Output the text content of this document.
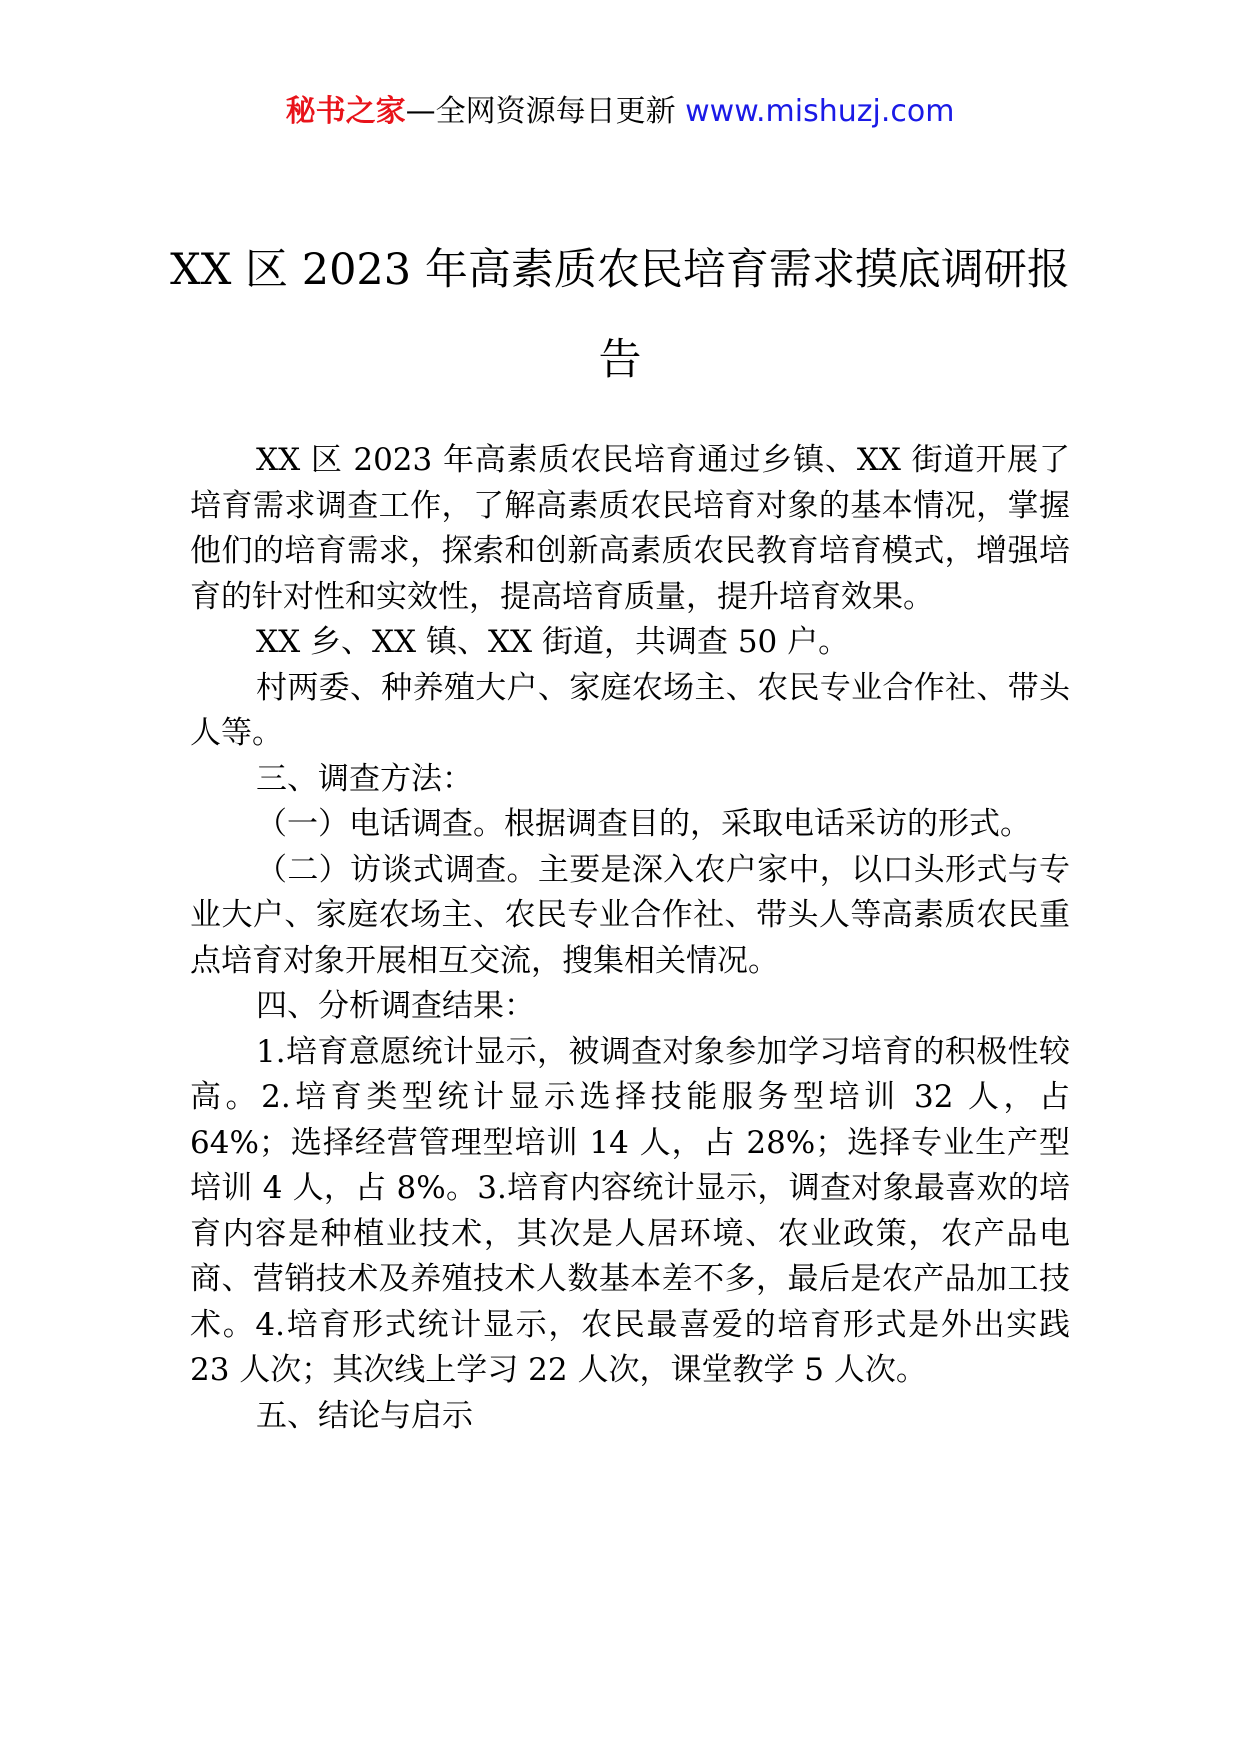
秘书之家—全网资源每日更新 www.mishuzj.com
XX 区 2023 年高素质农民培育需求摸底调研报告

XX 区 2023 年高素质农民培育通过乡镇、XX 街道开展了培育需求调查工作，了解高素质农民培育对象的基本情况，掌握他们的培育需求，探索和创新高素质农民教育培育模式，增强培育的针对性和实效性，提高培育质量，提升培育效果。

XX 乡、XX 镇、XX 街道，共调查 50 户。

村两委、种养殖大户、家庭农场主、农民专业合作社、带头人等。

三、调查方法：

（一）电话调查。根据调查目的，采取电话采访的形式。

（二）访谈式调查。主要是深入农户家中，以口头形式与专业大户、家庭农场主、农民专业合作社、带头人等高素质农民重点培育对象开展相互交流，搜集相关情况。

四、分析调查结果：

1.培育意愿统计显示，被调查对象参加学习培育的积极性较高。2.培育类型统计显示选择技能服务型培训 32 人，占 64%；选择经营管理型培训 14 人，占 28%；选择专业生产型培训 4 人，占 8%。3.培育内容统计显示，调查对象最喜欢的培育内容是种植业技术，其次是人居环境、农业政策，农产品电商、营销技术及养殖技术人数基本差不多，最后是农产品加工技术。4.培育形式统计显示，农民最喜爱的培育形式是外出实践 23 人次；其次线上学习 22 人次，课堂教学 5 人次。

五、结论与启示
